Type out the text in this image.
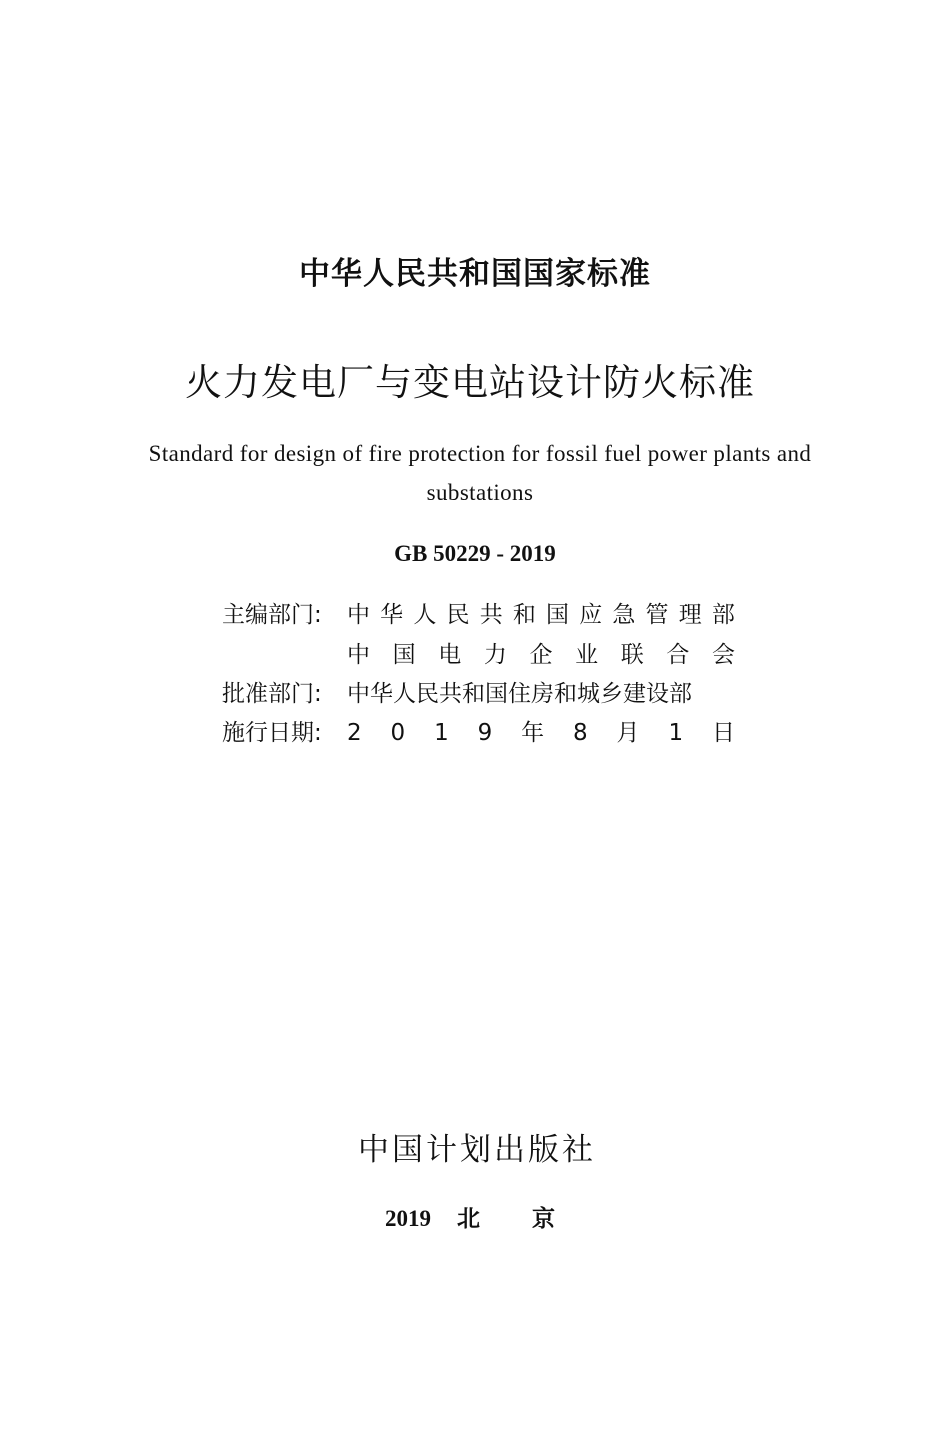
中华人民共和国国家标准
火力发电厂与变电站设计防火标准
Standard for design of fire protection for fossil fuel power plants and substations
GB 50229 - 2019
主编部门:	中 华 人 民 共 和 国 应 急 管 理 部
中 国 电 力 企 业 联 合 会
批准部门:	中华人民共和国住房和城乡建设部
施行日期:	2 0 1 9 年 8 月 1 日
中国计划出版社
2019 北京
